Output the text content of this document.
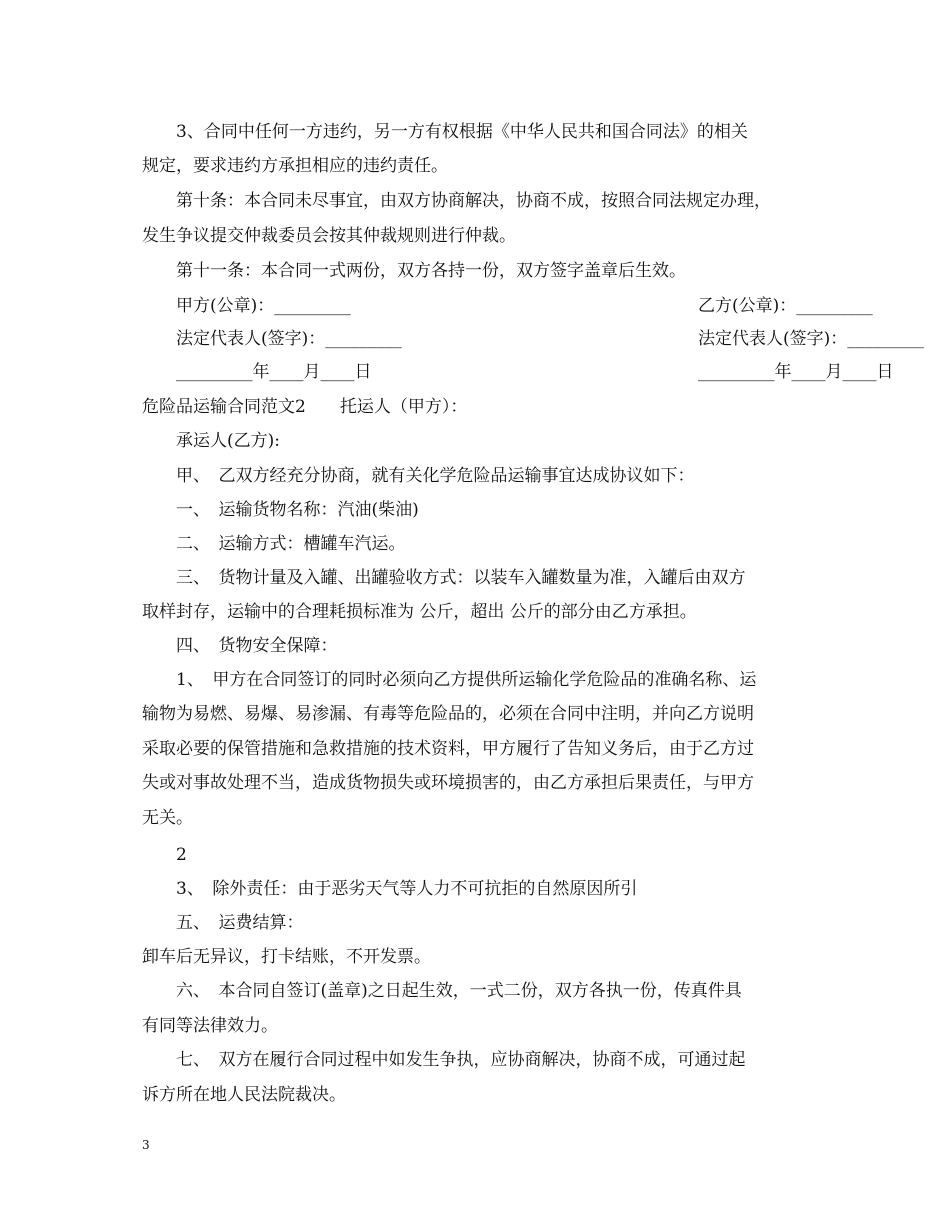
3、合同中任何一方违约，另一方有权根据《中华人民共和国合同法》的相关
规定，要求违约方承担相应的违约责任。
第十条：本合同未尽事宜，由双方协商解决，协商不成，按照合同法规定办理，
发生争议提交仲裁委员会按其仲裁规则进行仲裁。
第十一条：本合同一式两份，双方各持一份，双方签字盖章后生效。
甲方(公章)：_________	乙方(公章)：_________
法定代表人(签字)：_________	法定代表人(签字)：_________
_________年____月____日	_________年____月____日
危险品运输合同范文2　　托运人（甲方）：
承运人(乙方):
甲、　乙双方经充分协商，就有关化学危险品运输事宜达成协议如下：
一、　运输货物名称：汽油(柴油)
二、　运输方式：槽罐车汽运。
三、　货物计量及入罐、出罐验收方式：以装车入罐数量为准，入罐后由双方
取样封存，运输中的合理耗损标准为 公斤，超出 公斤的部分由乙方承担。
四、　货物安全保障：
1、　甲方在合同签订的同时必须向乙方提供所运输化学危险品的准确名称、运
输物为易燃、易爆、易渗漏、有毒等危险品的，必须在合同中注明，并向乙方说明
采取必要的保管措施和急救措施的技术资料，甲方履行了告知义务后，由于乙方过
失或对事故处理不当，造成货物损失或环境损害的，由乙方承担后果责任，与甲方
无关。
2
3、　除外责任：由于恶劣天气等人力不可抗拒的自然原因所引
五、　运费结算：
卸车后无异议，打卡结账，不开发票。
六、　本合同自签订(盖章)之日起生效，一式二份，双方各执一份，传真件具
有同等法律效力。
七、　双方在履行合同过程中如发生争执，应协商解决，协商不成，可通过起
诉方所在地人民法院裁决。
3
